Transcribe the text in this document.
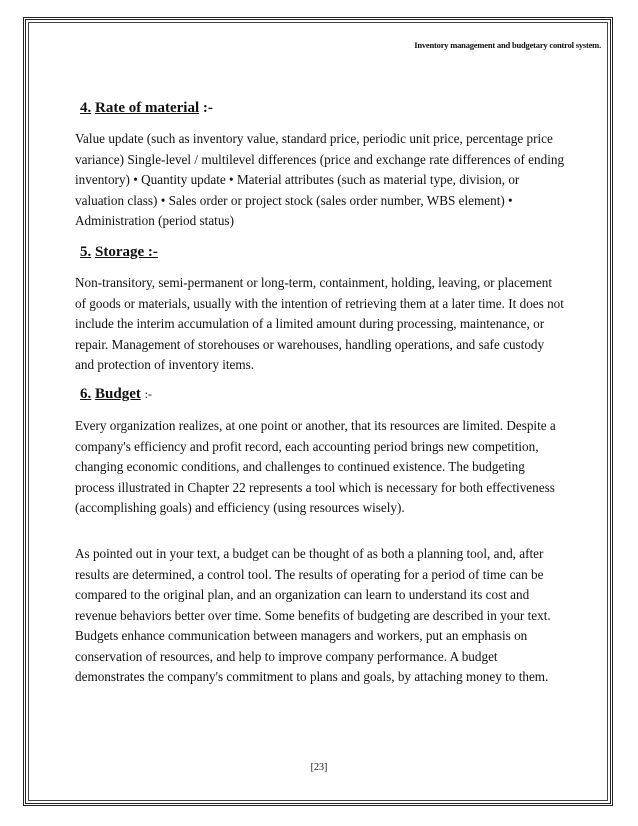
Inventory management and budgetary control system.
4. Rate of material :-

Value update (such as inventory value, standard price, periodic unit price, percentage price variance) Single-level / multilevel differences (price and exchange rate differences of ending inventory) • Quantity update • Material attributes (such as material type, division, or valuation class) • Sales order or project stock (sales order number, WBS element) • Administration (period status)

5. Storage :-

Non-transitory, semi-permanent or long-term, containment, holding, leaving, or placement of goods or materials, usually with the intention of retrieving them at a later time. It does not include the interim accumulation of a limited amount during processing, maintenance, or repair. Management of storehouses or warehouses, handling operations, and safe custody and protection of inventory items.

6. Budget :-

Every organization realizes, at one point or another, that its resources are limited. Despite a company's efficiency and profit record, each accounting period brings new competition, changing economic conditions, and challenges to continued existence. The budgeting process illustrated in Chapter 22 represents a tool which is necessary for both effectiveness (accomplishing goals) and efficiency (using resources wisely).

As pointed out in your text, a budget can be thought of as both a planning tool, and, after results are determined, a control tool. The results of operating for a period of time can be compared to the original plan, and an organization can learn to understand its cost and revenue behaviors better over time. Some benefits of budgeting are described in your text. Budgets enhance communication between managers and workers, put an emphasis on conservation of resources, and help to improve company performance. A budget demonstrates the company's commitment to plans and goals, by attaching money to them.

[23]
